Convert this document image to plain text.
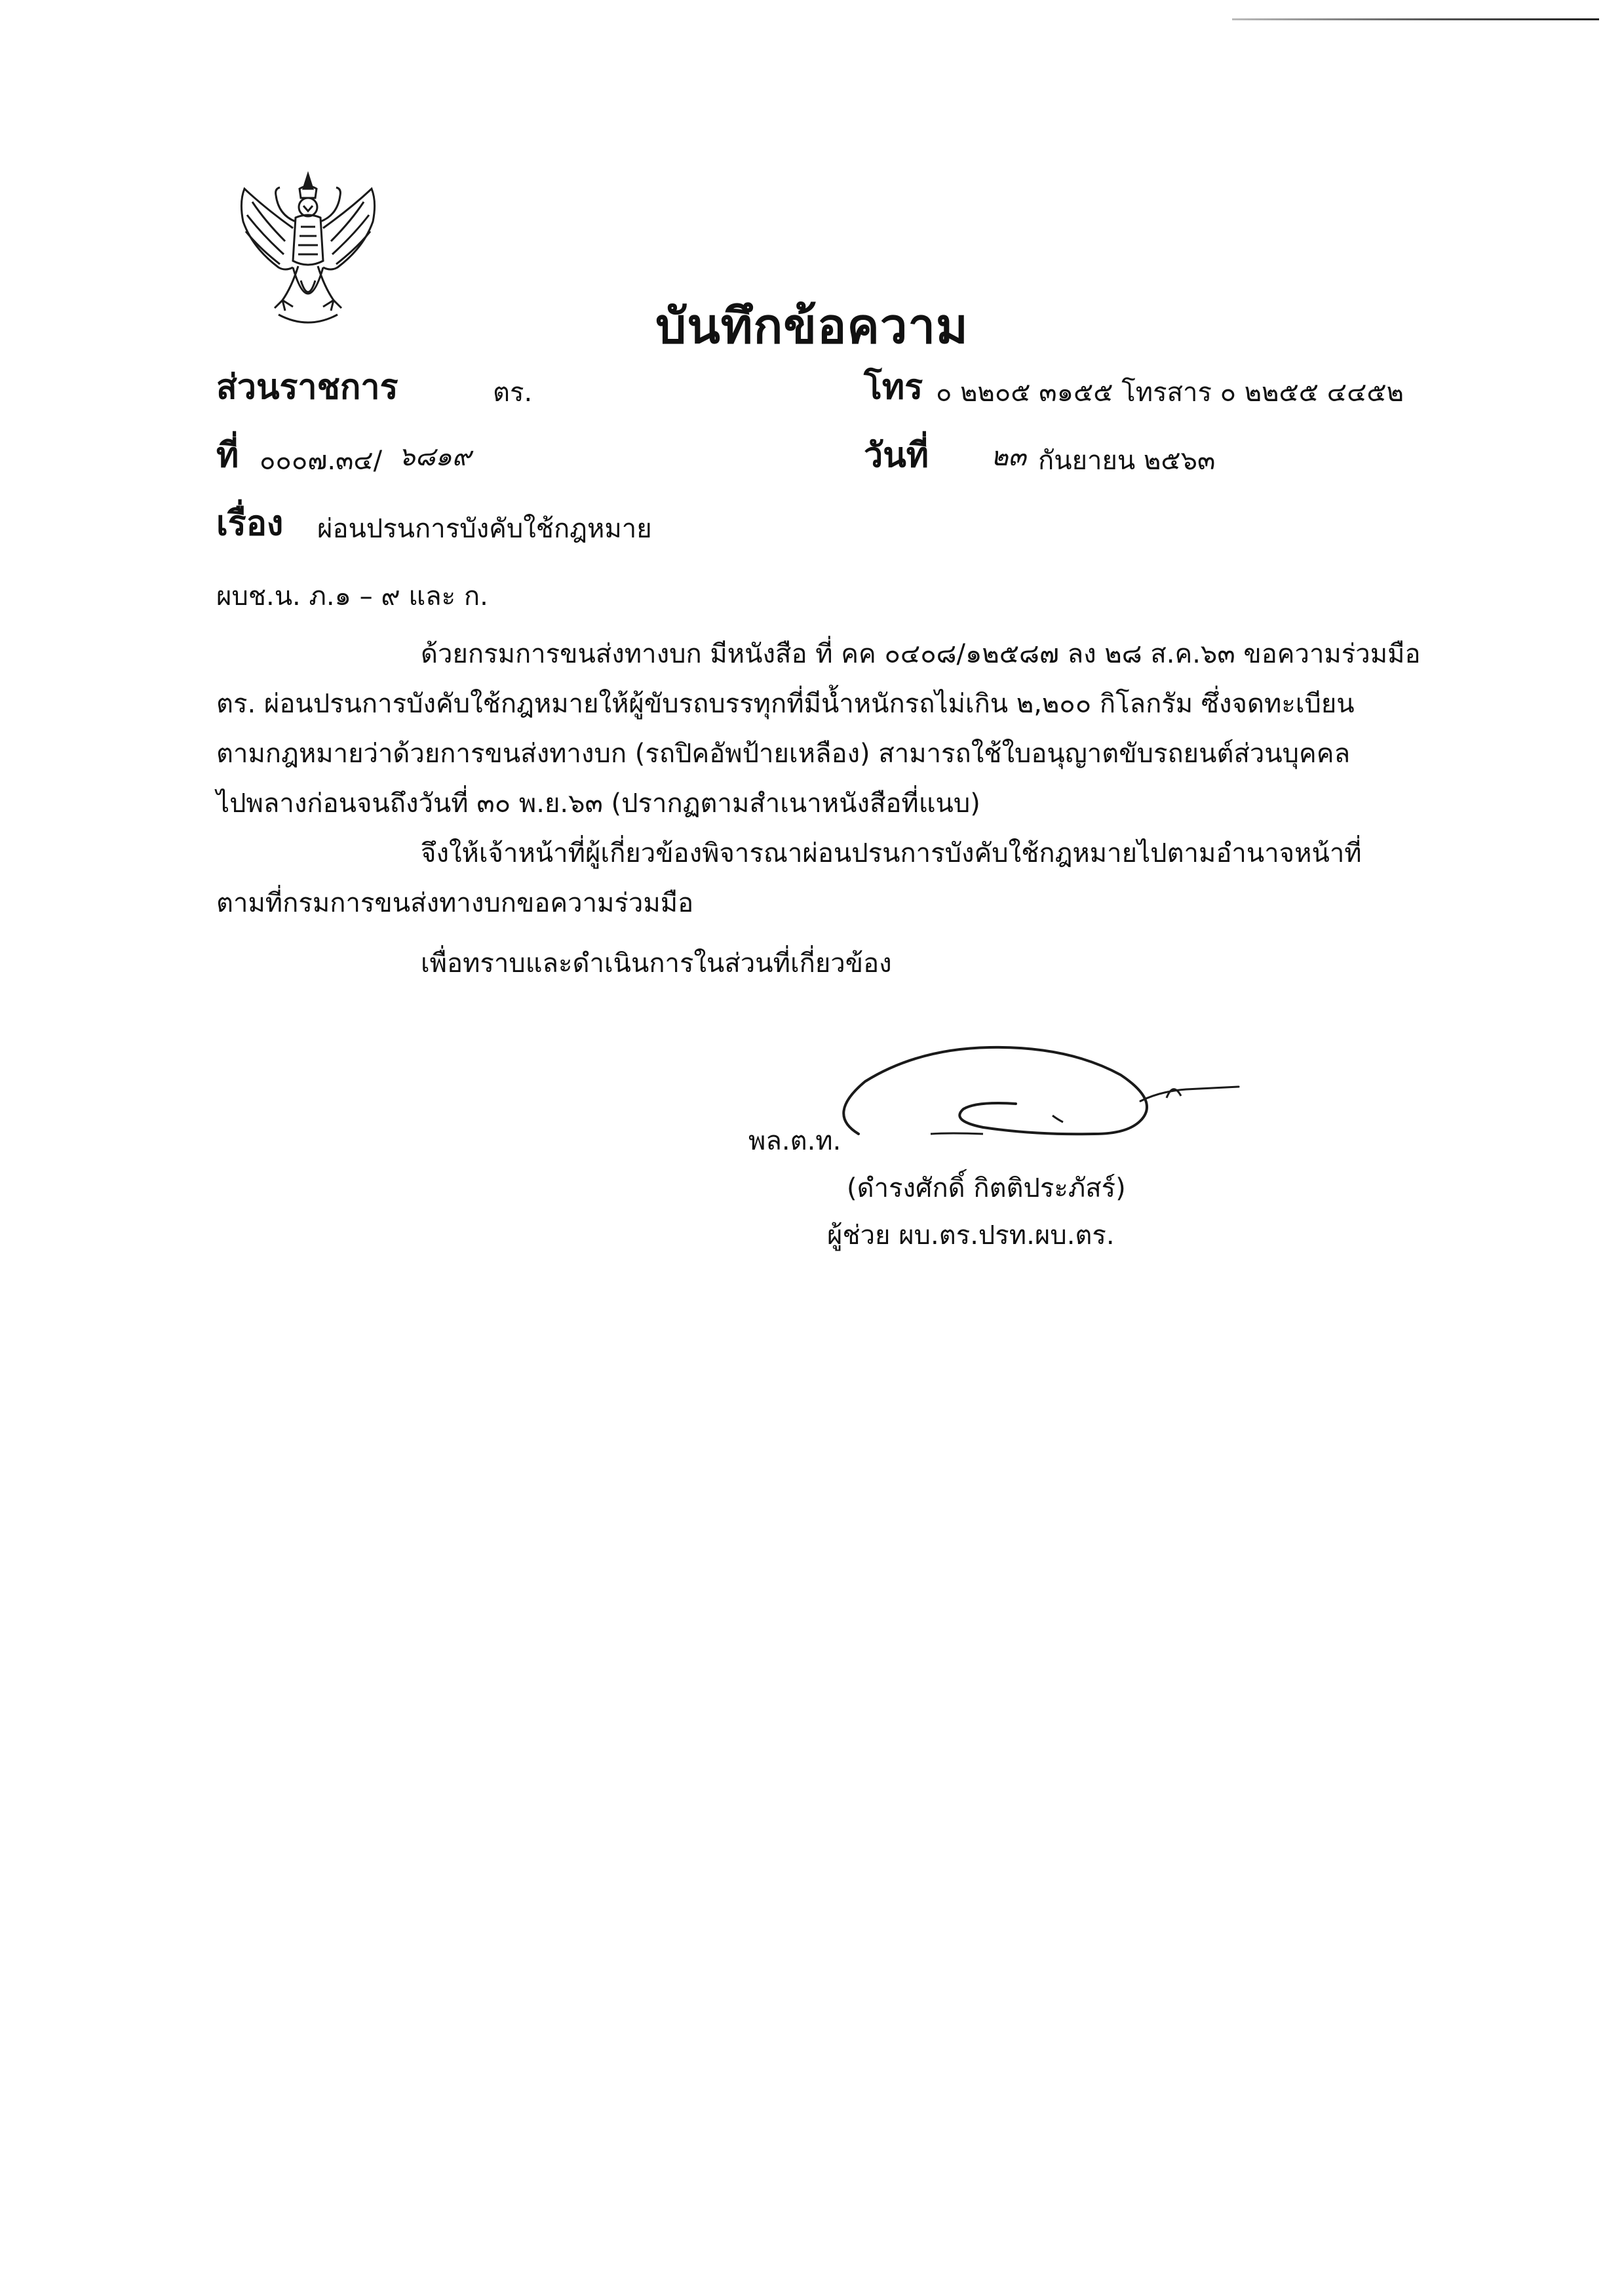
บันทึกข้อความ
ส่วนราชการ	ตร.	โทร ๐ ๒๒๐๕ ๓๑๕๕ โทรสาร ๐ ๒๒๕๕ ๔๔๕๒
ที่ ๐๐๐๗.๓๔/ ๖๘๑๙	วันที่ ๒๓ กันยายน ๒๕๖๓
เรื่อง ผ่อนปรนการบังคับใช้กฎหมาย
ผบช.น. ภ.๑ – ๙ และ ก.
ด้วยกรมการขนส่งทางบก มีหนังสือ ที่ คค ๐๔๐๘/๑๒๕๘๗ ลง ๒๘ ส.ค.๖๓ ขอความร่วมมือ
ตร. ผ่อนปรนการบังคับใช้กฎหมายให้ผู้ขับรถบรรทุกที่มีน้ำหนักรถไม่เกิน ๒,๒๐๐ กิโลกรัม ซึ่งจดทะเบียน
ตามกฎหมายว่าด้วยการขนส่งทางบก (รถปิคอัพป้ายเหลือง) สามารถใช้ใบอนุญาตขับรถยนต์ส่วนบุคคล
ไปพลางก่อนจนถึงวันที่ ๓๐ พ.ย.๖๓ (ปรากฏตามสำเนาหนังสือที่แนบ)
จึงให้เจ้าหน้าที่ผู้เกี่ยวข้องพิจารณาผ่อนปรนการบังคับใช้กฎหมายไปตามอำนาจหน้าที่
ตามที่กรมการขนส่งทางบกขอความร่วมมือ
เพื่อทราบและดำเนินการในส่วนที่เกี่ยวข้อง
พล.ต.ท.
(ดำรงศักดิ์ กิตติประภัสร์)
ผู้ช่วย ผบ.ตร.ปรท.ผบ.ตร.
